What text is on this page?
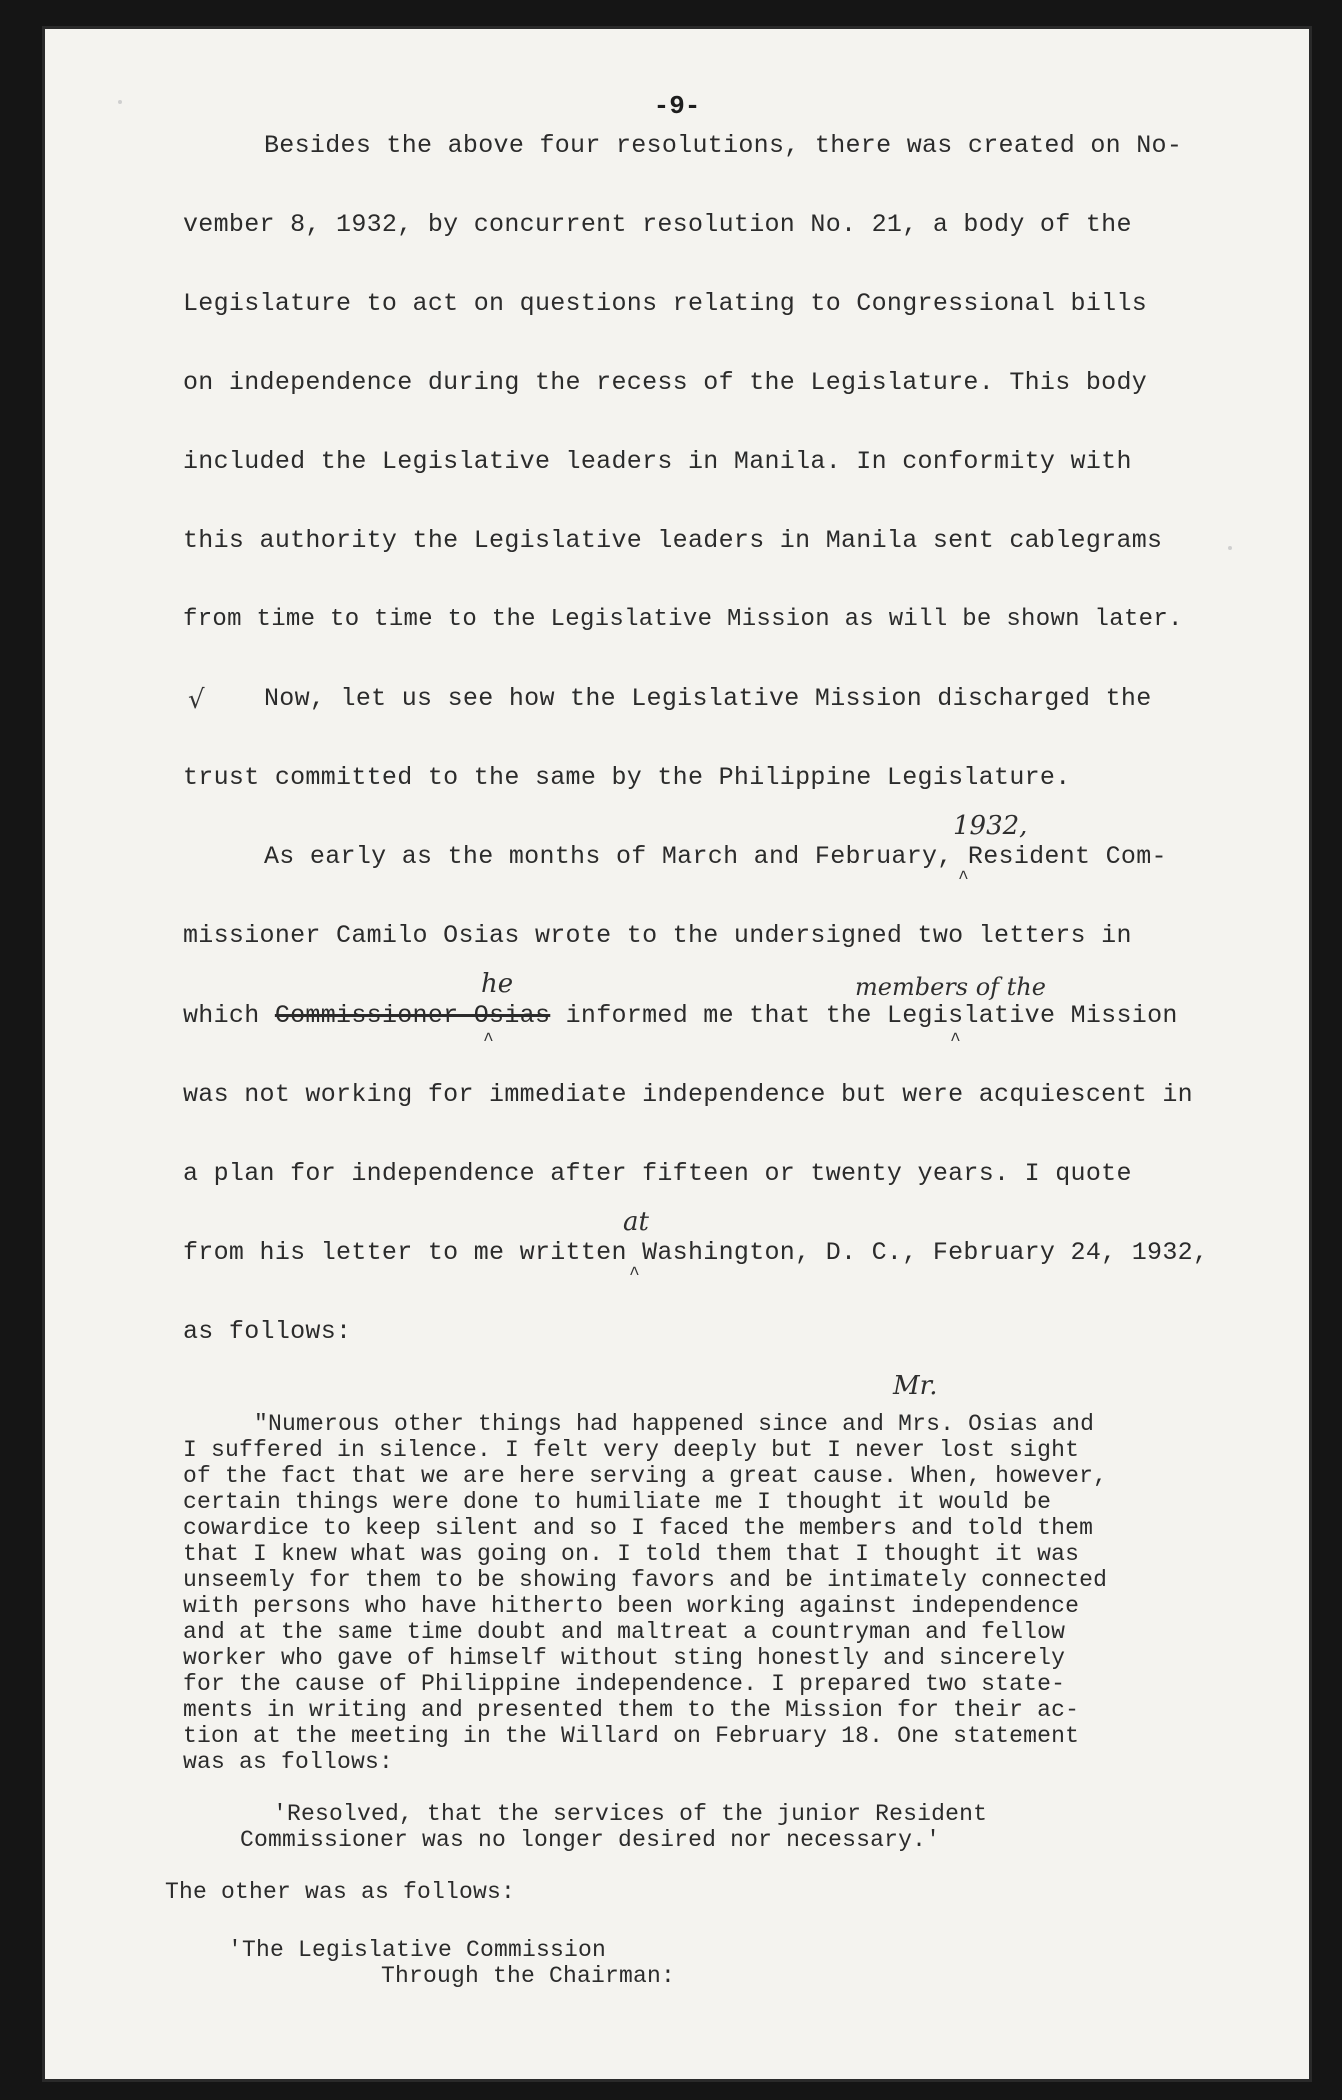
-9-
Besides the above four resolutions, there was created on No-
vember 8, 1932, by concurrent resolution No. 21, a body of the
Legislature to act on questions relating to Congressional bills
on independence during the recess of the Legislature. This body
included the Legislative leaders in Manila. In conformity with
this authority the Legislative leaders in Manila sent cablegrams
from time to time to the Legislative Mission as will be shown later.
√ Now, let us see how the Legislative Mission discharged the
trust committed to the same by the Philippine Legislature.
1932,
^
As early as the months of March and February, Resident Com-
missioner Camilo Osias wrote to the undersigned two letters in
he	members of the
^	^
which Commissioner Osias informed me that the Legislative Mission
was not working for immediate independence but were acquiescent in
a plan for independence after fifteen or twenty years. I quote
at
^
from his letter to me written Washington, D. C., February 24, 1932,
as follows:
Mr.
"Numerous other things had happened since and Mrs. Osias and
I suffered in silence. I felt very deeply but I never lost sight
of the fact that we are here serving a great cause. When, however,
certain things were done to humiliate me I thought it would be
cowardice to keep silent and so I faced the members and told them
that I knew what was going on. I told them that I thought it was
unseemly for them to be showing favors and be intimately connected
with persons who have hitherto been working against independence
and at the same time doubt and maltreat a countryman and fellow
worker who gave of himself without sting honestly and sincerely
for the cause of Philippine independence. I prepared two state-
ments in writing and presented them to the Mission for their ac-
tion at the meeting in the Willard on February 18. One statement
was as follows:
'Resolved, that the services of the junior Resident
Commissioner was no longer desired nor necessary.'
The other was as follows:
'The Legislative Commission
Through the Chairman:
